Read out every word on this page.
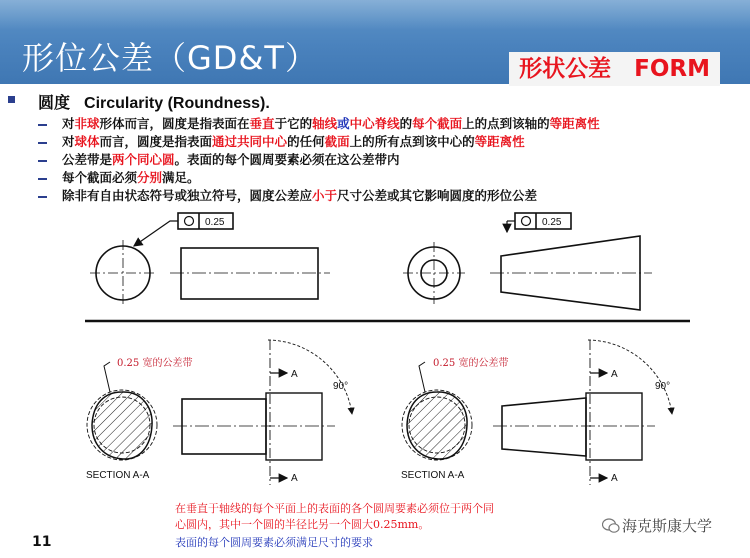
形位公差（GD&T）	形状公差　FORM
圆度 Circularity (Roundness).
对非球形体而言，圆度是指表面在垂直于它的轴线或中心脊线的每个截面上的点到该轴的等距离性
对球体而言，圆度是指表面通过共同中心的任何截面上的所有点到该中心的等距离性
公差带是两个同心圆。表面的每个圆周要素必须在这公差带内
每个截面必须分别满足。
除非有自由状态符号或独立符号，圆度公差应小于尺寸公差或其它影响圆度的形位公差
0.25	0.25
90°	90°
A
A
A
A
SECTION A-A	SECTION A-A
0.25 宽的公差带	0.25 宽的公差带
在垂直于轴线的每个平面上的表面的各个圆周要素必须位于两个同
心圆内，其中一个圆的半径比另一个圆大0.25mm。
表面的每个圆周要素必须满足尺寸的要求
11
海克斯康大学
